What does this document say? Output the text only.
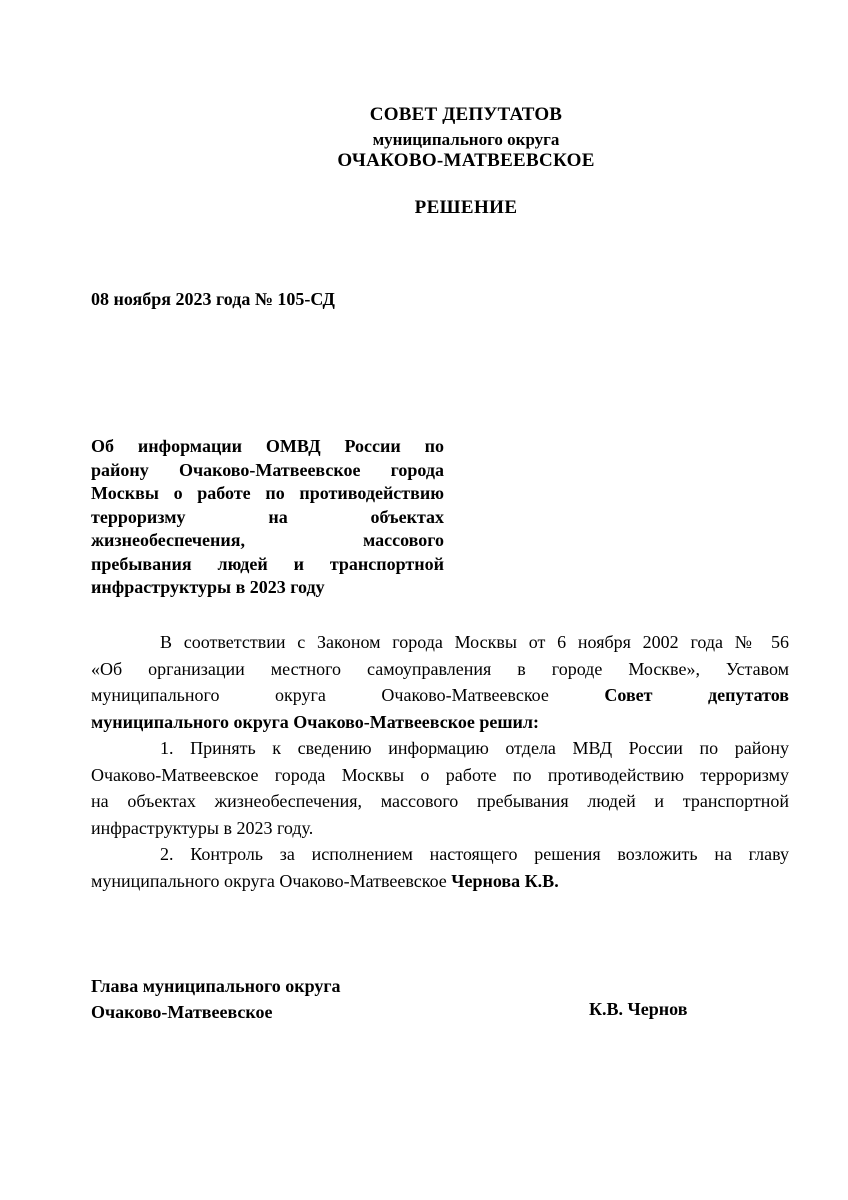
СОВЕТ ДЕПУТАТОВ
муниципального округа
ОЧАКОВО-МАТВЕЕВСКОЕ
РЕШЕНИЕ
08 ноября 2023 года № 105-СД
Об информации ОМВД России по
району Очаково-Матвеевское города
Москвы о работе по противодействию
терроризму на объектах
жизнеобеспечения, массового
пребывания людей и транспортной
инфраструктуры в 2023 году
В соответствии с Законом города Москвы от 6 ноября 2002 года № 56
«Об организации местного самоуправления в городе Москве», Уставом
муниципального округа Очаково-Матвеевское	Совет депутатов
муниципального округа Очаково-Матвеевское решил:
1. Принять к сведению информацию отдела МВД России по району
Очаково-Матвеевское города Москвы о работе по противодействию терроризму
на объектах жизнеобеспечения, массового пребывания людей и транспортной
инфраструктуры в 2023 году.
2. Контроль за исполнением настоящего решения возложить на главу
муниципального округа Очаково-Матвеевское Чернова К.В.
Глава муниципального округа
Очаково-Матвеевское	К.В. Чернов
